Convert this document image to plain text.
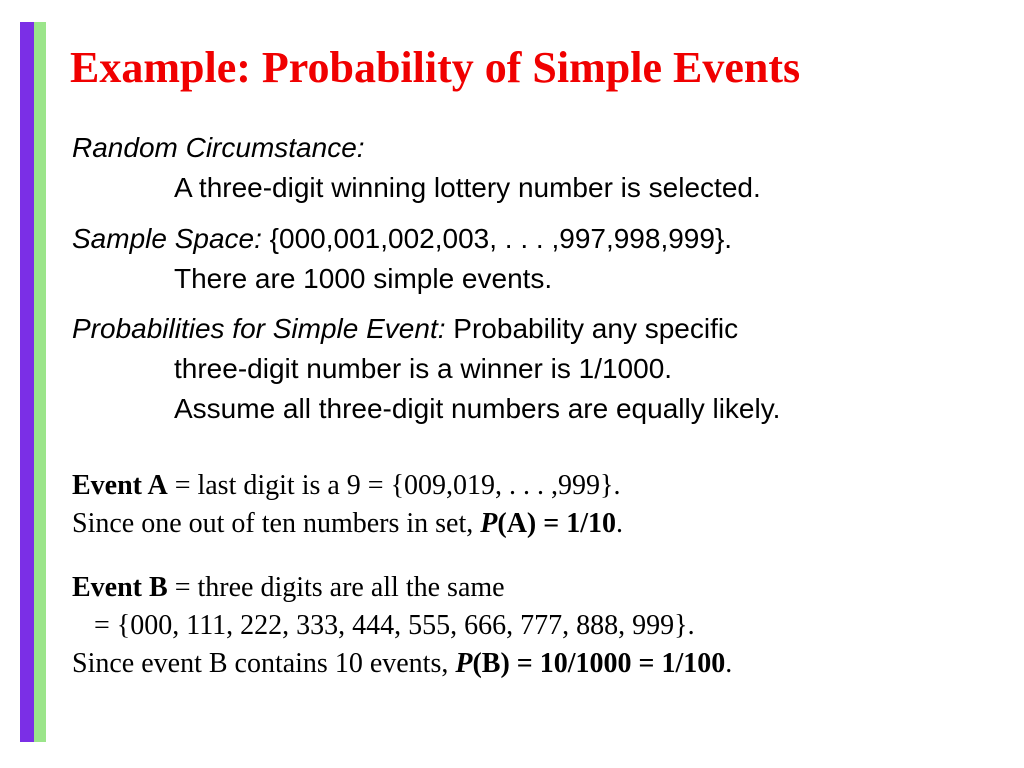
Example: Probability of Simple Events
Random Circumstance:
A three-digit winning lottery number is selected.
Sample Space: {000,001,002,003, . . . ,997,998,999}.
There are 1000 simple events.
Probabilities for Simple Event: Probability any specific
three-digit number is a winner is 1/1000.
Assume all three-digit numbers are equally likely.
Event A = last digit is a 9 = {009,019, . . . ,999}.
Since one out of ten numbers in set, P(A) = 1/10.
Event B = three digits are all the same
= {000, 111, 222, 333, 444, 555, 666, 777, 888, 999}.
Since event B contains 10 events, P(B) = 10/1000 = 1/100.
